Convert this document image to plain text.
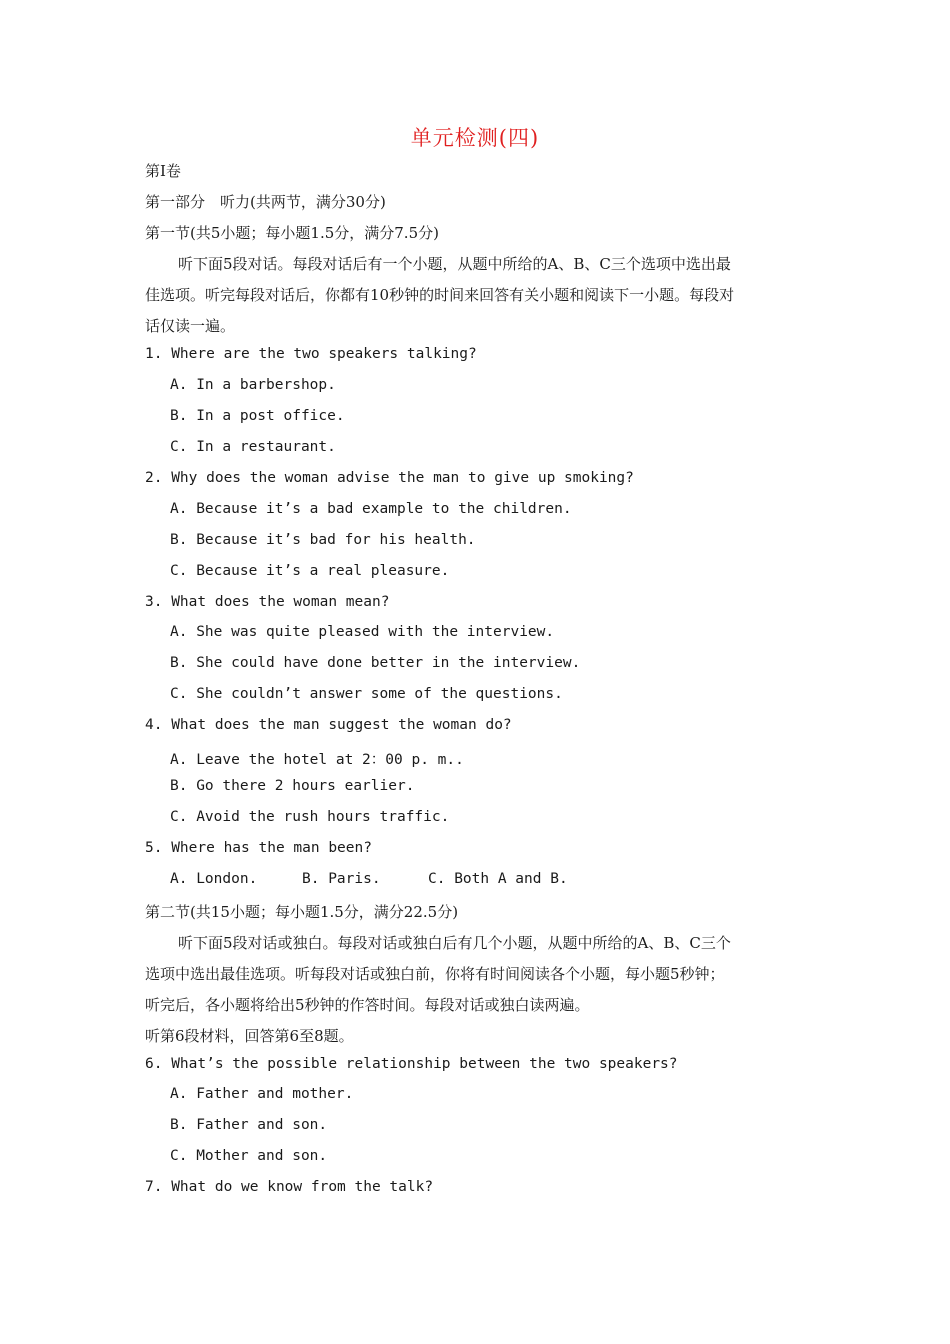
单元检测(四)
第Ⅰ卷
第一部分　听力(共两节，满分30分)
第一节(共5小题；每小题1.5分，满分7.5分)
听下面5段对话。每段对话后有一个小题，从题中所给的A、B、C三个选项中选出最
佳选项。听完每段对话后，你都有10秒钟的时间来回答有关小题和阅读下一小题。每段对
话仅读一遍。
1. Where are the two speakers talking?
A. In a barbershop.
B. In a post office.
C. In a restaurant.
2. Why does the woman advise the man to give up smoking?
A. Because it’s a bad example to the children.
B. Because it’s bad for his health.
C. Because it’s a real pleasure.
3. What does the woman mean?
A. She was quite pleased with the interview.
B. She could have done better in the interview.
C. She couldn’t answer some of the questions.
4. What does the man suggest the woman do?
A. Leave the hotel at 2：00 p. m..
B. Go there 2 hours earlier.
C. Avoid the rush hours traffic.
5. Where has the man been?
A. London.	B. Paris.	C. Both A and B.
第二节(共15小题；每小题1.5分，满分22.5分)
听下面5段对话或独白。每段对话或独白后有几个小题，从题中所给的A、B、C三个
选项中选出最佳选项。听每段对话或独白前，你将有时间阅读各个小题，每小题5秒钟；
听完后，各小题将给出5秒钟的作答时间。每段对话或独白读两遍。
听第6段材料，回答第6至8题。
6. What’s the possible relationship between the two speakers?
A. Father and mother.
B. Father and son.
C. Mother and son.
7. What do we know from the talk?
